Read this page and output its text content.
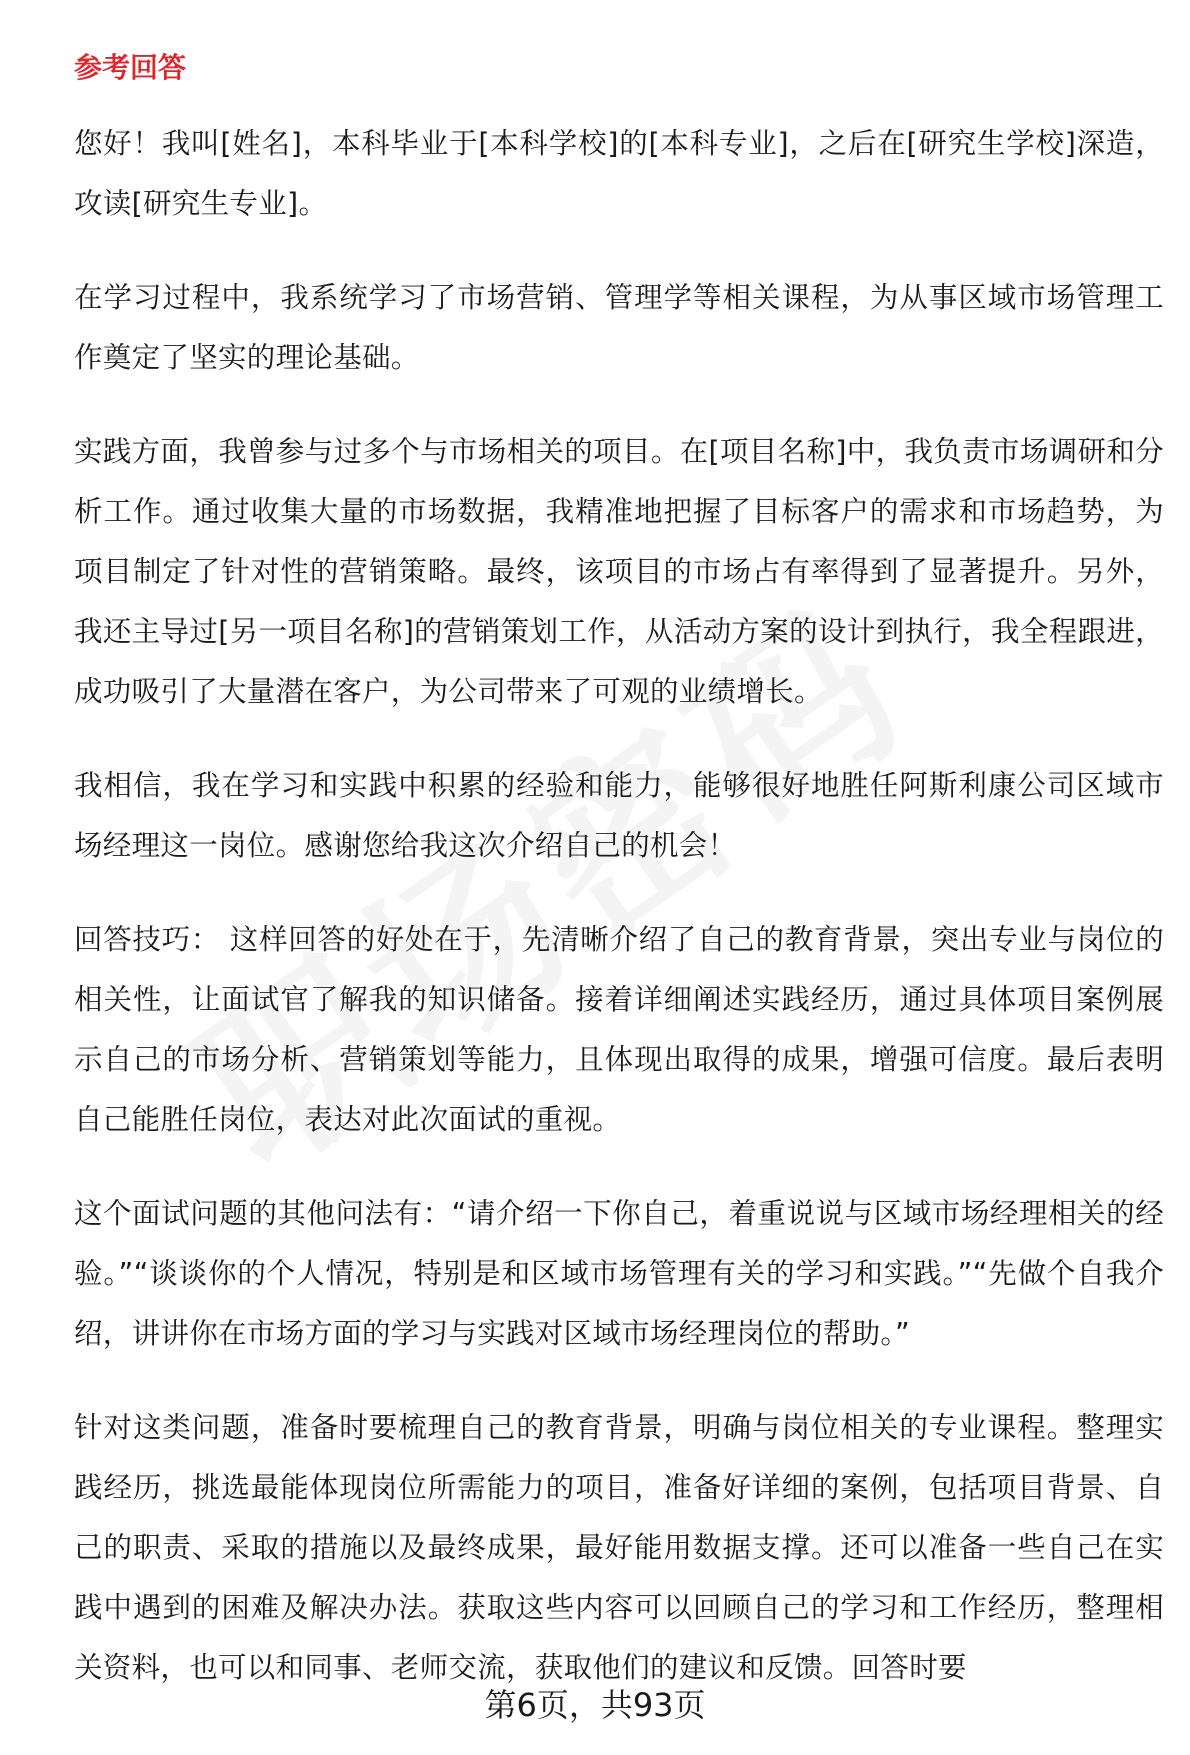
参考回答

您好！我叫[姓名]，本科毕业于[本科学校]的[本科专业]，之后在[研究生学校]深造，攻读[研究生专业]。

在学习过程中，我系统学习了市场营销、管理学等相关课程，为从事区域市场管理工作奠定了坚实的理论基础。

实践方面，我曾参与过多个与市场相关的项目。在[项目名称]中，我负责市场调研和分析工作。通过收集大量的市场数据，我精准地把握了目标客户的需求和市场趋势，为项目制定了针对性的营销策略。最终，该项目的市场占有率得到了显著提升。另外，我还主导过[另一项目名称]的营销策划工作，从活动方案的设计到执行，我全程跟进，成功吸引了大量潜在客户，为公司带来了可观的业绩增长。

我相信，我在学习和实践中积累的经验和能力，能够很好地胜任阿斯利康公司区域市场经理这一岗位。感谢您给我这次介绍自己的机会！

回答技巧： 这样回答的好处在于，先清晰介绍了自己的教育背景，突出专业与岗位的相关性，让面试官了解我的知识储备。接着详细阐述实践经历，通过具体项目案例展示自己的市场分析、营销策划等能力，且体现出取得的成果，增强可信度。最后表明自己能胜任岗位，表达对此次面试的重视。

这个面试问题的其他问法有：“请介绍一下你自己，着重说说与区域市场经理相关的经验。”“谈谈你的个人情况，特别是和区域市场管理有关的学习和实践。”“先做个自我介绍，讲讲你在市场方面的学习与实践对区域市场经理岗位的帮助。”

针对这类问题，准备时要梳理自己的教育背景，明确与岗位相关的专业课程。整理实践经历，挑选最能体现岗位所需能力的项目，准备好详细的案例，包括项目背景、自己的职责、采取的措施以及最终成果，最好能用数据支撑。还可以准备一些自己在实践中遇到的困难及解决办法。获取这些内容可以回顾自己的学习和工作经历，整理相关资料，也可以和同事、老师交流，获取他们的建议和反馈。回答时要

第6页，共93页
